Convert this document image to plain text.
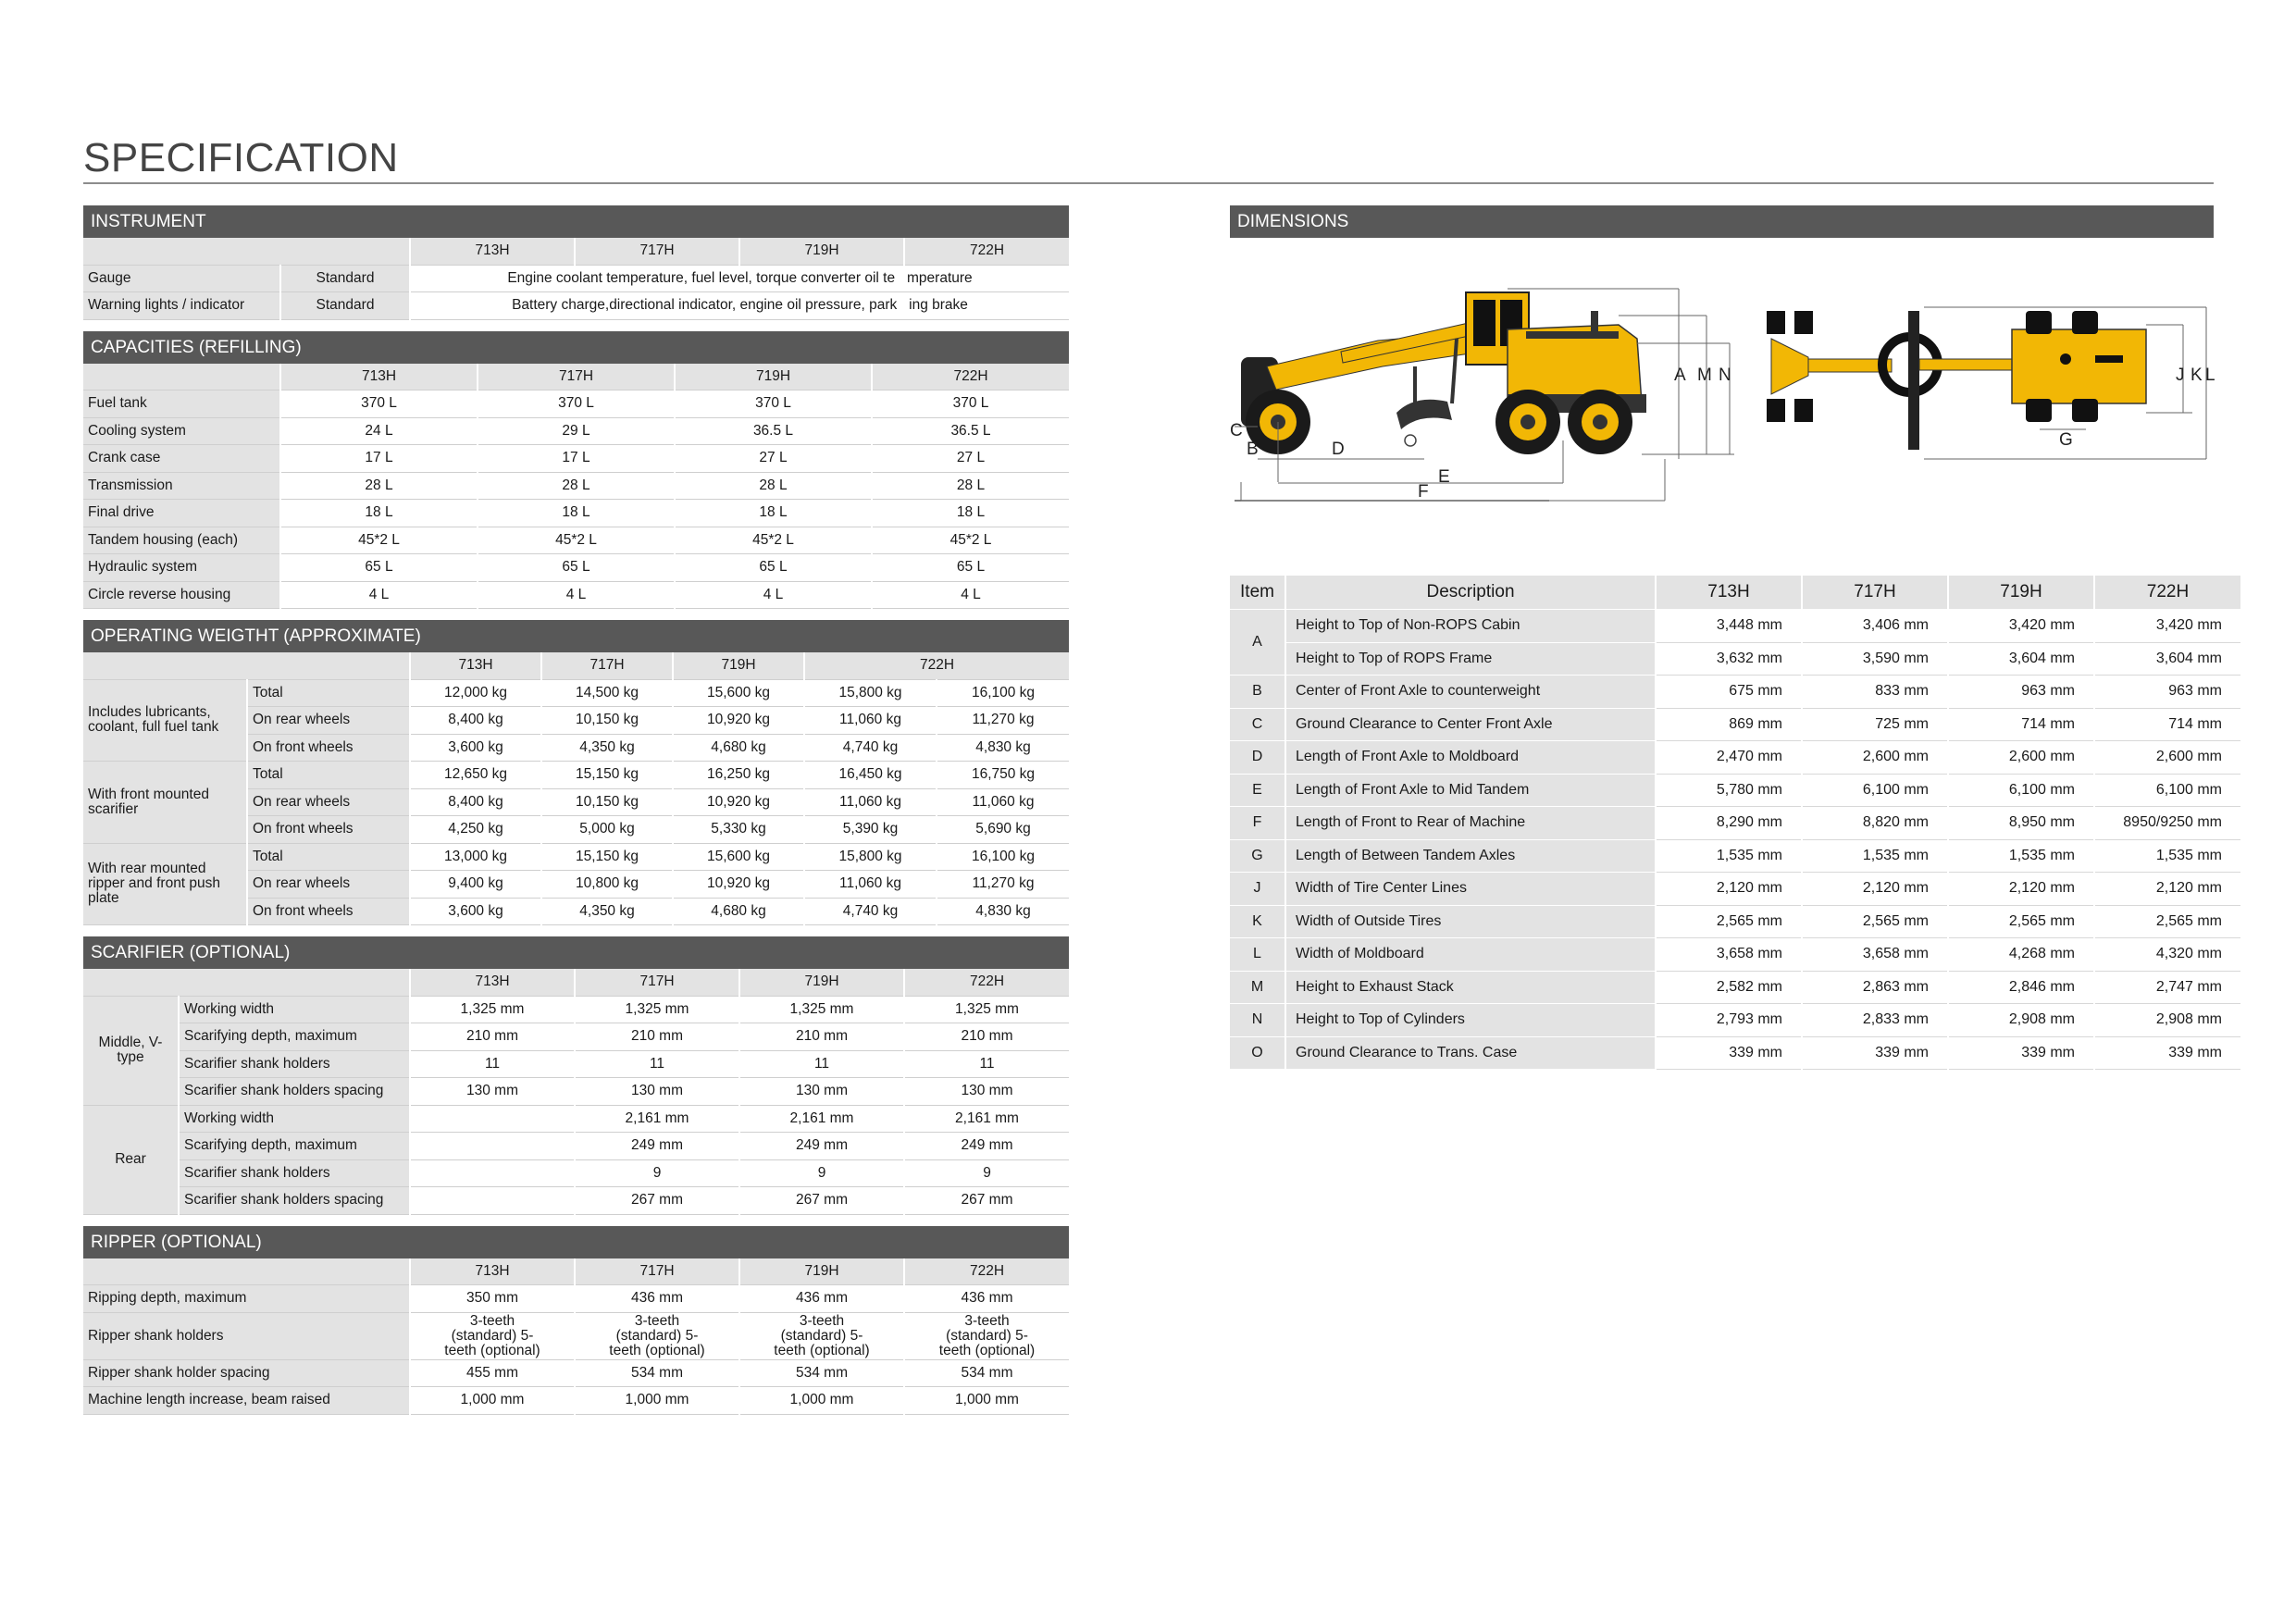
SPECIFICATION
INSTRUMENT
		713H	717H	719H	722H
Gauge	Standard	Engine coolant temperature, fuel level, torque converter oil te   mperature			
Warning lights / indicator	Standard	Battery charge,directional indicator, engine oil pressure, park   ing brake			
CAPACITIES (REFILLING)
	713H	717H	719H	722H
Fuel tank	370 L	370 L	370 L	370 L
Cooling system	24 L	29 L	36.5 L	36.5 L
Crank case	17 L	17 L	27 L	27 L
Transmission	28 L	28 L	28 L	28 L
Final drive	18 L	18 L	18 L	18 L
Tandem housing (each)	45*2 L	45*2 L	45*2 L	45*2 L
Hydraulic system	65 L	65 L	65 L	65 L
Circle reverse housing	4 L	4 L	4 L	4 L
OPERATING WEIGTHT (APPROXIMATE)
		713H	717H	719H	722H	
Includes lubricants, coolant, full fuel tank	Total	12,000 kg	14,500 kg	15,600 kg	15,800 kg	16,100 kg
	On rear wheels	8,400 kg	10,150 kg	10,920 kg	11,060 kg	11,270 kg
	On front wheels	3,600 kg	4,350 kg	4,680 kg	4,740 kg	4,830 kg
With front mounted scarifier	Total	12,650 kg	15,150 kg	16,250 kg	16,450 kg	16,750 kg
	On rear wheels	8,400 kg	10,150 kg	10,920 kg	11,060 kg	11,060 kg
	On front wheels	4,250 kg	5,000 kg	5,330 kg	5,390 kg	5,690 kg
With rear mounted ripper and front push plate	Total	13,000 kg	15,150 kg	15,600 kg	15,800 kg	16,100 kg
	On rear wheels	9,400 kg	10,800 kg	10,920 kg	11,060 kg	11,270 kg
	On front wheels	3,600 kg	4,350 kg	4,680 kg	4,740 kg	4,830 kg
SCARIFIER (OPTIONAL)
		713H	717H	719H	722H
Middle, V-type	Working width	1,325 mm	1,325 mm	1,325 mm	1,325 mm
	Scarifying depth, maximum	210 mm	210 mm	210 mm	210 mm
	Scarifier shank holders	11	11	11	11
	Scarifier shank holders spacing	130 mm	130 mm	130 mm	130 mm
Rear	Working width		2,161 mm	2,161 mm	2,161 mm
	Scarifying depth, maximum		249 mm	249 mm	249 mm
	Scarifier shank holders		9	9	9
	Scarifier shank holders spacing		267 mm	267 mm	267 mm
RIPPER (OPTIONAL)
	713H	717H	719H	722H
Ripping depth, maximum	350 mm	436 mm	436 mm	436 mm
Ripper shank holders	3-teeth (standard) 5-teeth (optional)	3-teeth (standard) 5-teeth (optional)	3-teeth (standard) 5-teeth (optional)	3-teeth (standard) 5-teeth (optional)
Ripper shank holder spacing	455 mm	534 mm	534 mm	534 mm
Machine length increase, beam raised	1,000 mm	1,000 mm	1,000 mm	1,000 mm
DIMENSIONS
A M N
C
B	D
E
F
J K L
G
Item	Description	713H	717H	719H	722H
A	Height to Top of Non-ROPS Cabin	3,448 mm	3,406 mm	3,420 mm	3,420 mm
	Height to Top of ROPS Frame	3,632 mm	3,590 mm	3,604 mm	3,604 mm
B	Center of Front Axle to counterweight	675 mm	833 mm	963 mm	963 mm
C	Ground Clearance to Center Front Axle	869 mm	725 mm	714 mm	714 mm
D	Length of Front Axle to Moldboard	2,470 mm	2,600 mm	2,600 mm	2,600 mm
E	Length of Front Axle to Mid Tandem	5,780 mm	6,100 mm	6,100 mm	6,100 mm
F	Length of Front to Rear of Machine	8,290 mm	8,820 mm	8,950 mm	8950/9250 mm
G	Length of Between Tandem Axles	1,535 mm	1,535 mm	1,535 mm	1,535 mm
J	Width of Tire Center Lines	2,120 mm	2,120 mm	2,120 mm	2,120 mm
K	Width of Outside Tires	2,565 mm	2,565 mm	2,565 mm	2,565 mm
L	Width of Moldboard	3,658 mm	3,658 mm	4,268 mm	4,320 mm
M	Height to Exhaust Stack	2,582 mm	2,863 mm	2,846 mm	2,747 mm
N	Height to Top of Cylinders	2,793 mm	2,833 mm	2,908 mm	2,908 mm
O	Ground Clearance to Trans. Case	339 mm	339 mm	339 mm	339 mm
